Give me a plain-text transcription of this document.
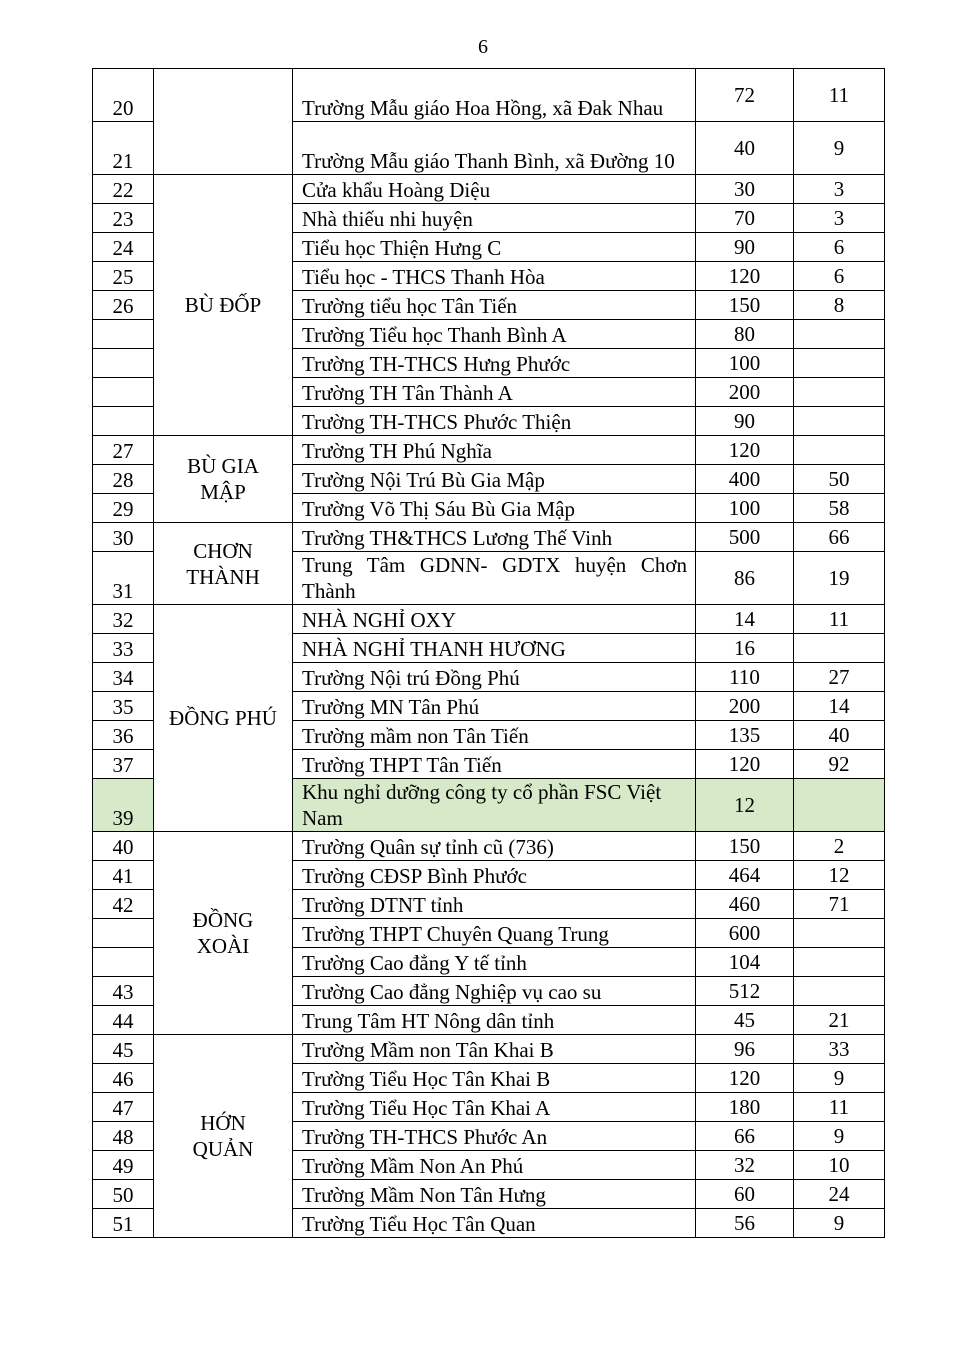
6
20		Trường Mẫu giáo Hoa Hồng, xã Đak Nhau	72	11
21		Trường Mẫu giáo Thanh Bình, xã Đường 10	40	9
22	BÙ ĐỐP	Cửa khẩu Hoàng Diệu	30	3
23		Nhà thiếu nhi huyện	70	3
24		Tiểu học Thiện Hưng C	90	6
25		Tiểu học - THCS Thanh Hòa	120	6
26		Trường tiểu học Tân Tiến	150	8
		Trường Tiểu học Thanh Bình A	80	
		Trường TH-THCS Hưng Phước	100	
		Trường TH Tân Thành A	200	
		Trường TH-THCS Phước Thiện	90	
27	BÙ GIA MẬP	Trường TH Phú Nghĩa	120	
28		Trường Nội Trú Bù Gia Mập	400	50
29		Trường Võ Thị Sáu Bù Gia Mập	100	58
30	CHƠN THÀNH	Trường TH&THCS Lương Thế Vinh	500	66
31		Trung Tâm GDNN- GDTX huyện Chơn Thành	86	19
32	ĐỒNG PHÚ	NHÀ NGHỈ OXY	14	11
33		NHÀ NGHỈ THANH HƯƠNG	16	
34		Trường Nội trú Đồng Phú	110	27
35		Trường MN Tân Phú	200	14
36		Trường mầm non Tân Tiến	135	40
37		Trường THPT Tân Tiến	120	92
39		Khu nghỉ dưỡng công ty cổ phần FSC Việt Nam	12	
40	ĐỒNG XOÀI	Trường Quân sự tỉnh cũ (736)	150	2
41		Trường CĐSP Bình Phước	464	12
42		Trường DTNT tỉnh	460	71
		Trường THPT Chuyên Quang Trung	600	
		Trường Cao đẳng Y tế tỉnh	104	
43		Trường Cao đẳng Nghiệp vụ cao su	512	
44		Trung Tâm HT Nông dân tỉnh	45	21
45	HỚN QUẢN	Trường Mầm non Tân Khai B	96	33
46		Trường Tiểu Học Tân Khai B	120	9
47		Trường Tiểu Học Tân Khai A	180	11
48		Trường TH-THCS Phước An	66	9
49		Trường Mầm Non An Phú	32	10
50		Trường Mầm Non Tân Hưng	60	24
51		Trường Tiểu Học Tân Quan	56	9
